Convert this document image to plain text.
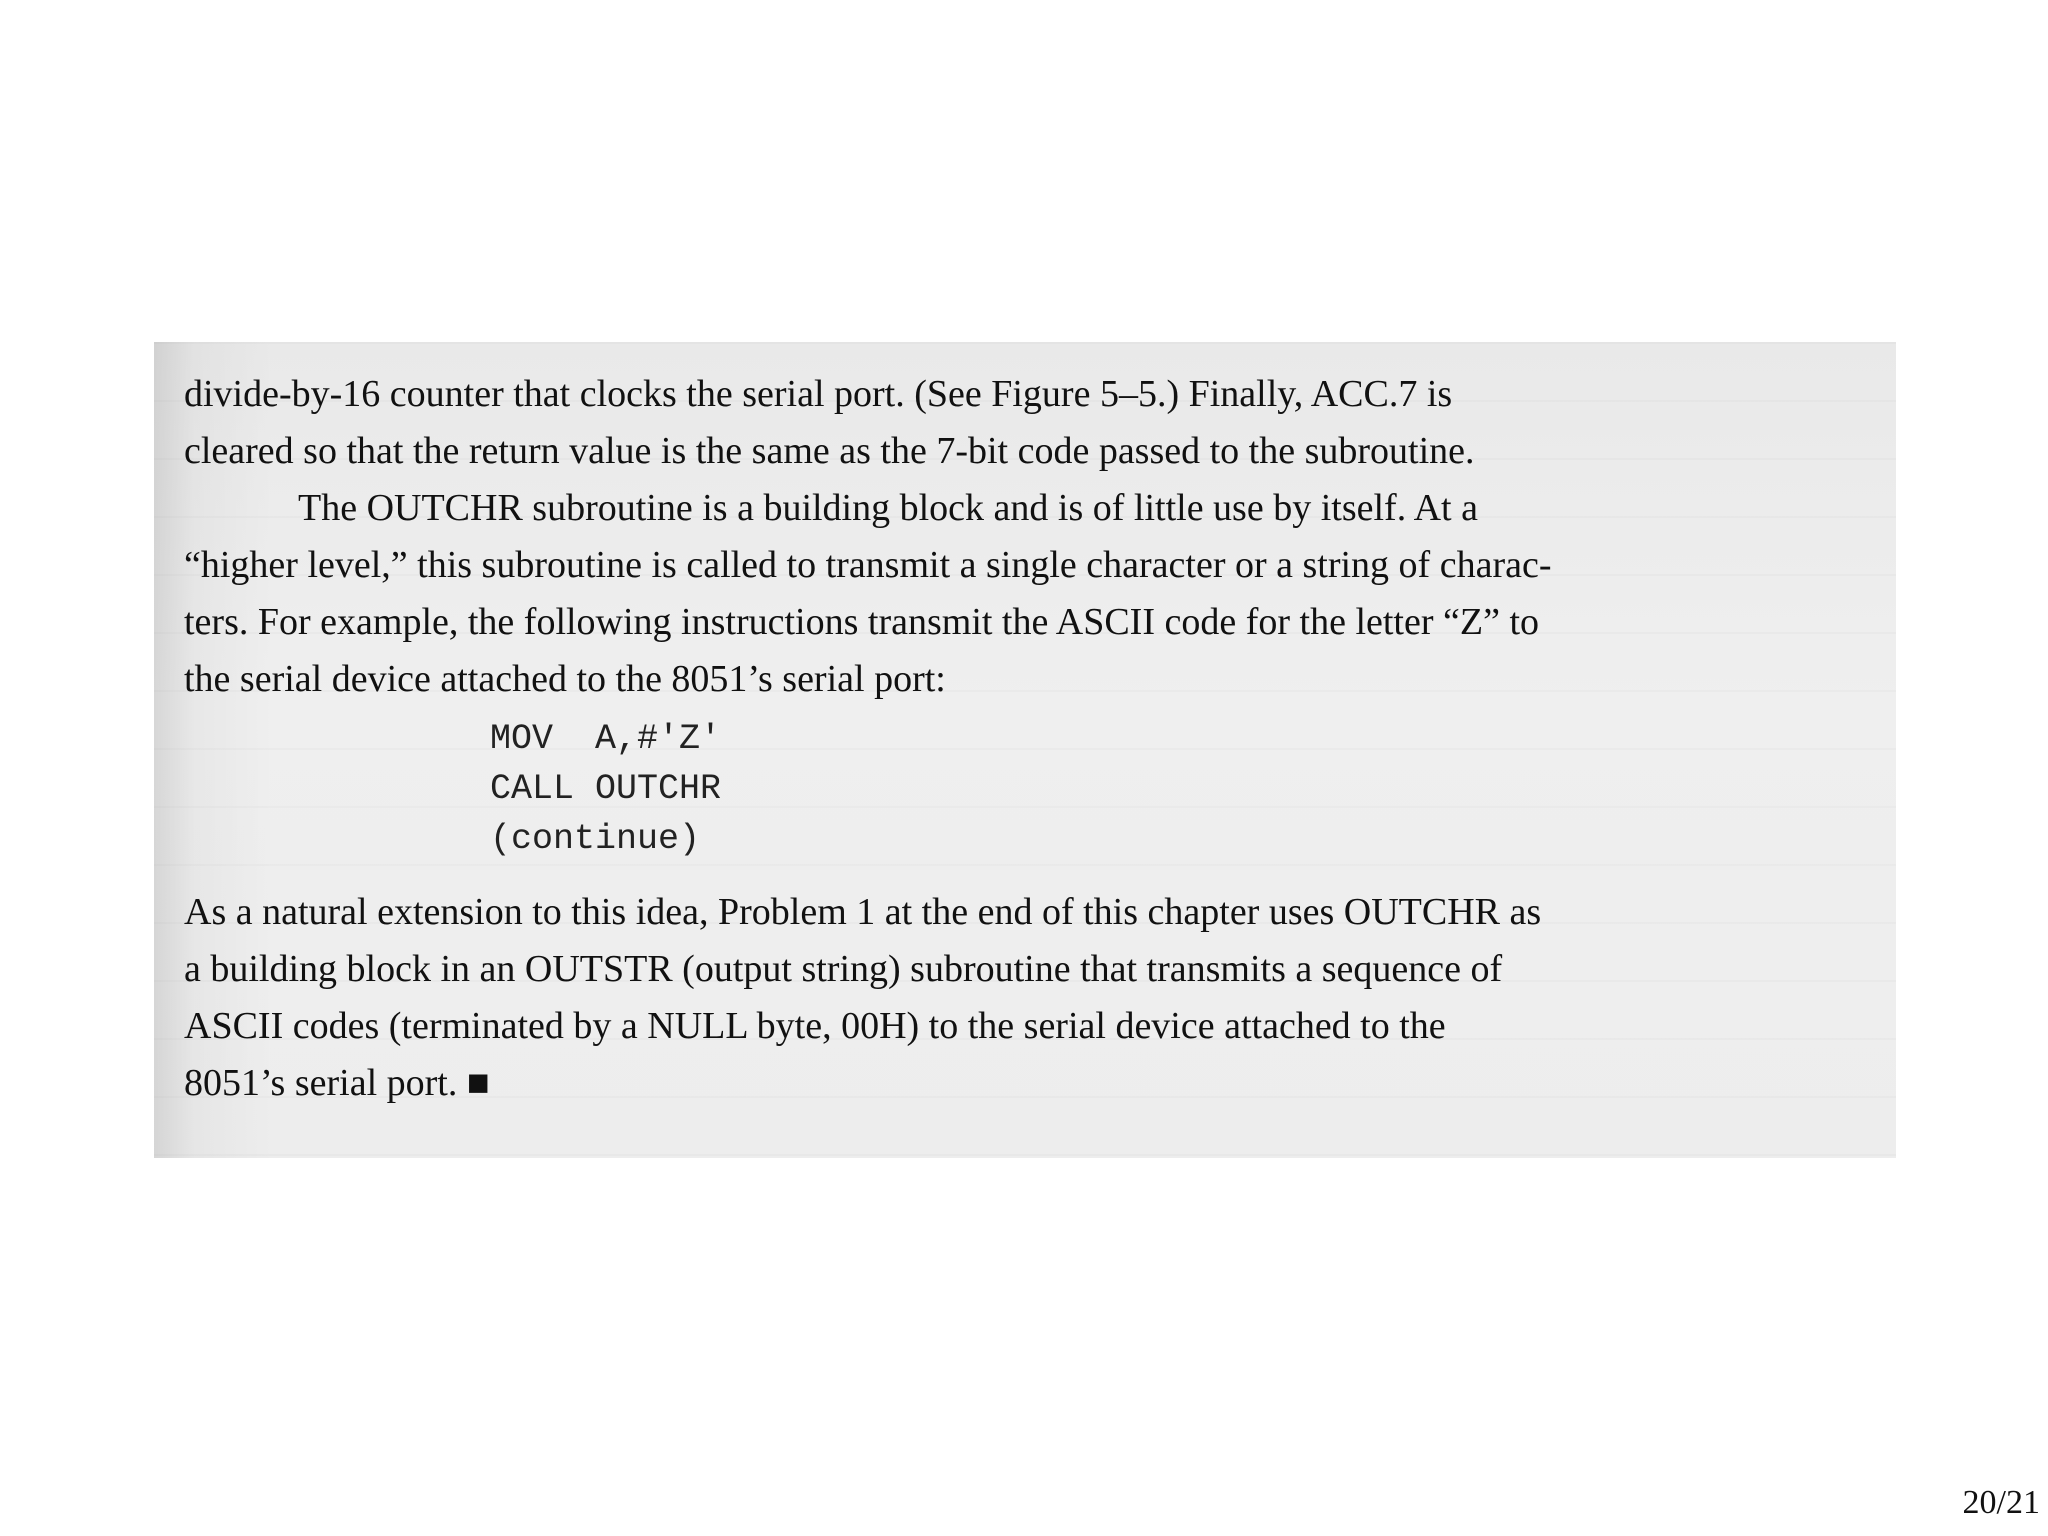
divide-by-16 counter that clocks the serial port. (See Figure 5–5.) Finally, ACC.7 is
cleared so that the return value is the same as the 7-bit code passed to the subroutine.
The OUTCHR subroutine is a building block and is of little use by itself. At a
“higher level,” this subroutine is called to transmit a single character or a string of charac-
ters. For example, the following instructions transmit the ASCII code for the letter “Z” to
the serial device attached to the 8051’s serial port:
MOV  A,#'Z'
CALL OUTCHR
(continue)
As a natural extension to this idea, Problem 1 at the end of this chapter uses OUTCHR as
a building block in an OUTSTR (output string) subroutine that transmits a sequence of
ASCII codes (terminated by a NULL byte, 00H) to the serial device attached to the
8051’s serial port. ■
20/21
